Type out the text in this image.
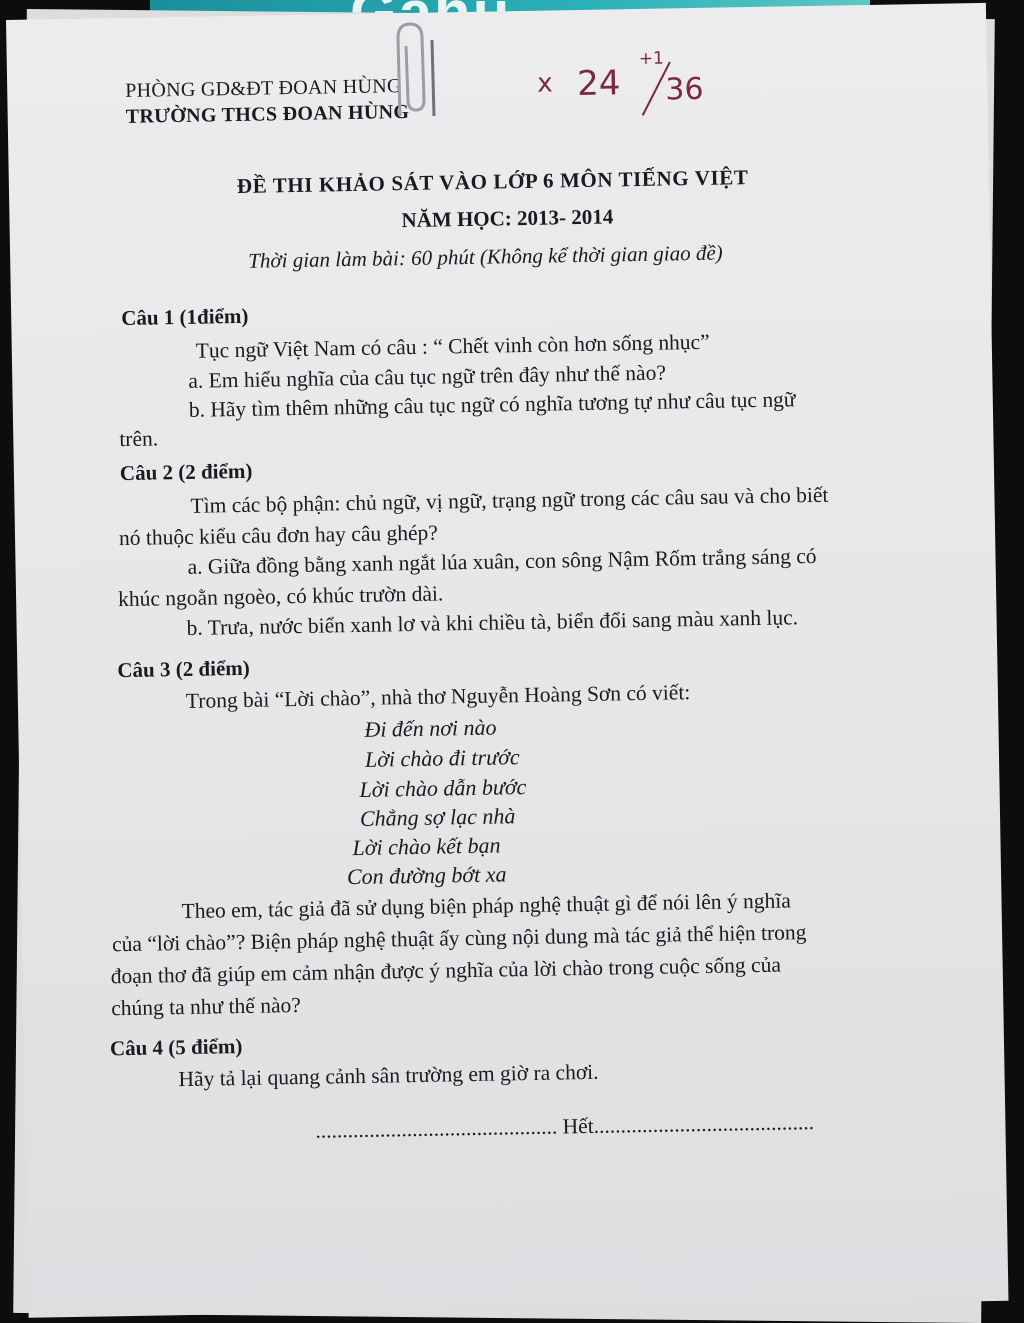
PHÒNG GD&ĐT ĐOAN HÙNG
TRƯỜNG THCS ĐOAN HÙNG
x 24
+1
36
ĐỀ THI KHẢO SÁT VÀO LỚP 6 MÔN TIẾNG VIỆT
NĂM HỌC: 2013- 2014
Thời gian làm bài: 60 phút (Không kể thời gian giao đề)
Câu 1 (1điểm)
Tục ngữ Việt Nam có câu : “ Chết vinh còn hơn sống nhục”
a. Em hiểu nghĩa của câu tục ngữ trên đây như thế nào?
b. Hãy tìm thêm những câu tục ngữ có nghĩa tương tự như câu tục ngữ
trên.
Câu 2 (2 điểm)
Tìm các bộ phận: chủ ngữ, vị ngữ, trạng ngữ trong các câu sau và cho biết
nó thuộc kiểu câu đơn hay câu ghép?
a. Giữa đồng bằng xanh ngắt lúa xuân, con sông Nậm Rốm trắng sáng có
khúc ngoằn ngoèo, có khúc trườn dài.
b. Trưa, nước biển xanh lơ và khi chiều tà, biển đổi sang màu xanh lục.
Câu 3 (2 điểm)
Trong bài “Lời chào”, nhà thơ Nguyễn Hoàng Sơn có viết:
Đi đến nơi nào
Lời chào đi trước
Lời chào dẫn bước
Chẳng sợ lạc nhà
Lời chào kết bạn
Con đường bớt xa
Theo em, tác giả đã sử dụng biện pháp nghệ thuật gì để nói lên ý nghĩa
của “lời chào”? Biện pháp nghệ thuật ấy cùng nội dung mà tác giả thể hiện trong
đoạn thơ đã giúp em cảm nhận được ý nghĩa của lời chào trong cuộc sống của
chúng ta như thế nào?
Câu 4 (5 điểm)
Hãy tả lại quang cảnh sân trường em giờ ra chơi.
............................................. Hết.........................................
